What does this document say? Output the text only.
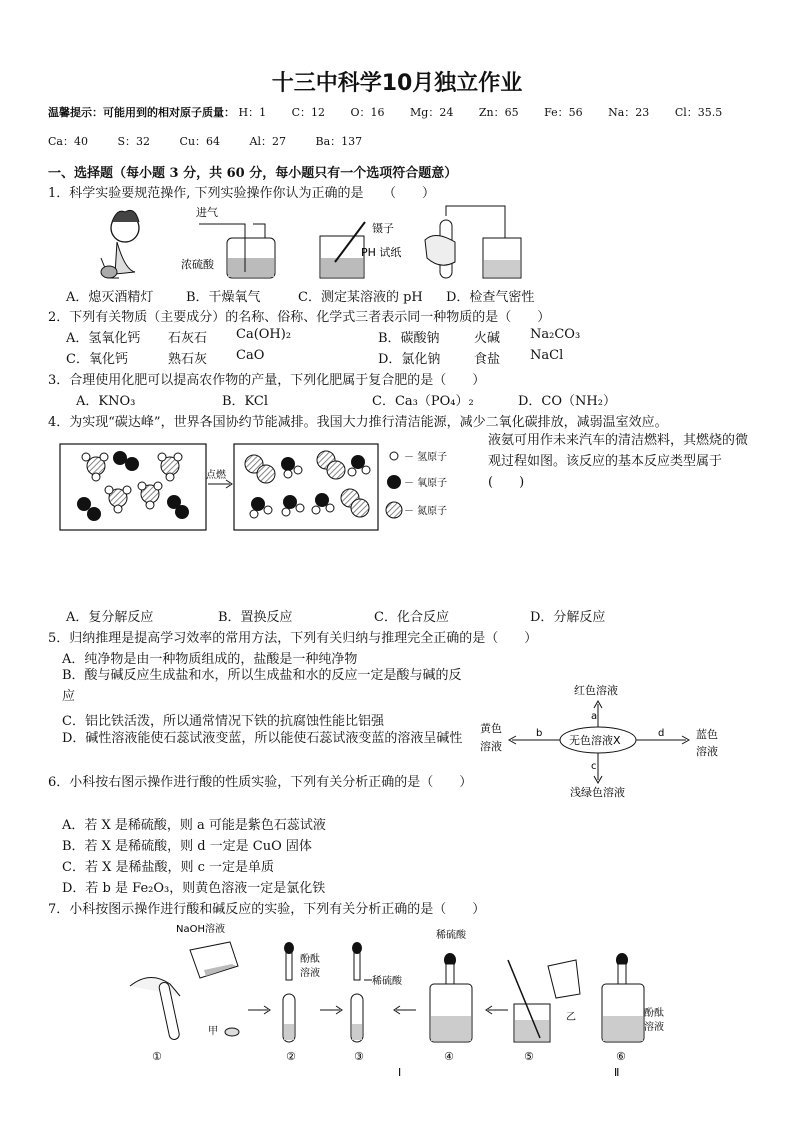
十三中科学10月独立作业
温馨提示：可能用到的相对原子质量： H：1 C：12 O：16 Mg：24 Zn：65 Fe：56 Na：23 Cl：35.5
Ca：40	S：32	Cu：64	Al：27	Ba：137
一、选择题（每小题 3 分，共 60 分，每小题只有一个选项符合题意）
1．科学实验要规范操作, 下列实验操作你认为正确的是　　（　　）
进气
浓硫酸
镊子
PH 试纸
A．熄灭酒精灯	B．干燥氧气	C．测定某溶液的 pH D．检查气密性
2．下列有关物质（主要成分）的名称、俗称、化学式三者表示同一种物质的是（　　）
A．氢氧化钙 石灰石 Ca(OH)₂	B．碳酸钠	火碱 Na₂CO₃
C．氧化钙	熟石灰 CaO	D．氯化钠	食盐 NaCl
3．合理使用化肥可以提高农作物的产量，下列化肥属于复合肥的是（　　）
A．KNO₃	B．KCl	C．Ca₃（PO₄）₂	D．CO（NH₂）
4．为实现“碳达峰”，世界各国协约节能减排。我国大力推行清洁能源，减少二氧化碳排放，减弱温室效应。
液氨可用作未来汽车的清洁燃料，其燃烧的微观过程如图。该反应的基本反应类型属于(　　)
点燃
－ 氢原子
－ 氧原子
－ 氮原子
A．复分解反应	B．置换反应	C．化合反应	D．分解反应
5．归纳推理是提高学习效率的常用方法，下列有关归纳与推理完全正确的是（　　）
A．纯净物是由一种物质组成的，盐酸是一种纯净物
B．酸与碱反应生成盐和水，所以生成盐和水的反应一定是酸与碱的反应
C．铝比铁活泼，所以通常情况下铁的抗腐蚀性能比铝强
D．碱性溶液能使石蕊试液变蓝，所以能使石蕊试液变蓝的溶液呈碱性	无色溶液X
a
红色溶液
c
浅绿色溶液
b
黄色
溶液
d	蓝色
溶液
6．小科按右图示操作进行酸的性质实验，下列有关分析正确的是（　　）
A．若 X 是稀硫酸，则 a 可能是紫色石蕊试液
B．若 X 是稀硫酸，则 d 一定是 CuO 固体
C．若 X 是稀盐酸，则 c 一定是单质
D．若 b 是 Fe₂O₃，则黄色溶液一定是氯化铁
7．小科按图示操作进行酸和碱反应的实验，下列有关分析正确的是（　　）
NaOH溶液
甲
①
酚酞
溶液
②
稀硫酸
③
稀硫酸
④
乙
⑤
酚酞
溶液
⑥
Ⅰ	Ⅱ
